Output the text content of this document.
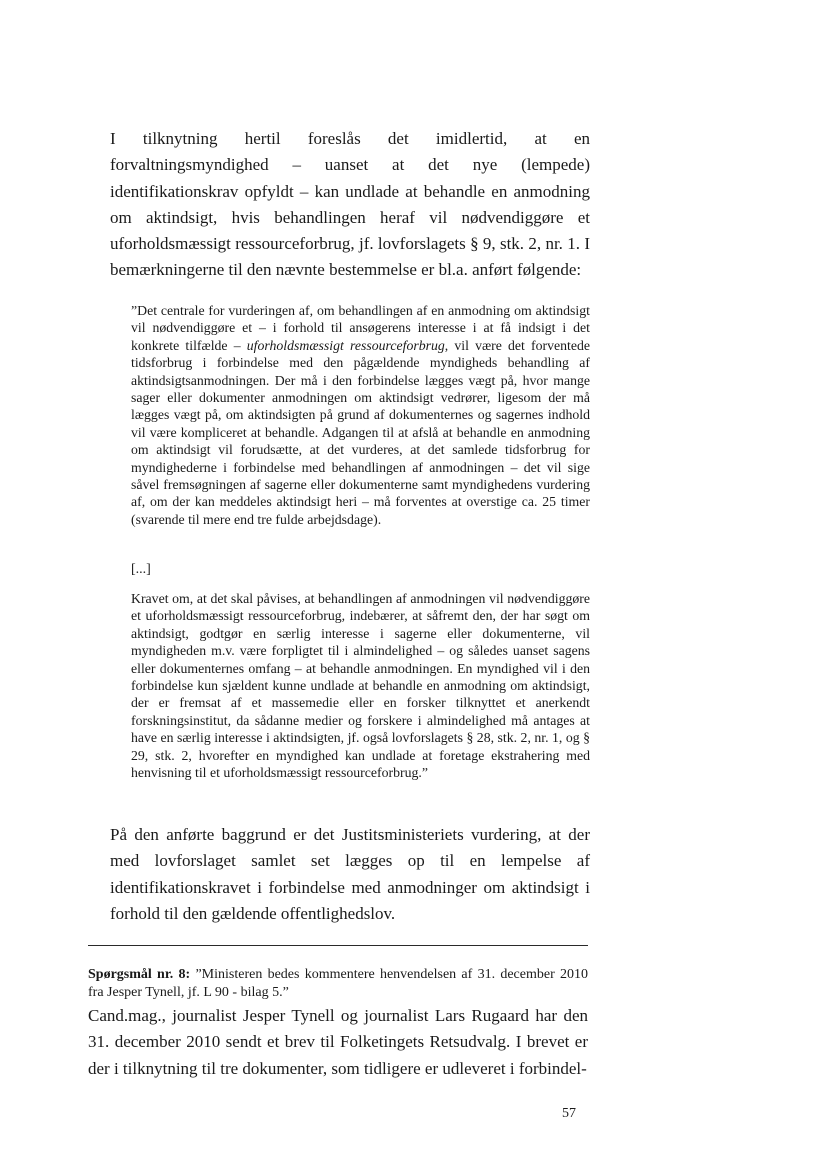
I tilknytning hertil foreslås det imidlertid, at en forvaltningsmyndighed – uanset at det nye (lempede) identifikationskrav opfyldt – kan undlade at behandle en anmodning om aktindsigt, hvis behandlingen heraf vil nødvendiggøre et uforholdsmæssigt ressourceforbrug, jf. lovforslagets § 9, stk. 2, nr. 1. I bemærkningerne til den nævnte bestemmelse er bl.a. anført følgende:

”Det centrale for vurderingen af, om behandlingen af en anmodning om aktindsigt vil nødvendiggøre et – i forhold til ansøgerens interesse i at få indsigt i det konkrete tilfælde – uforholdsmæssigt ressourceforbrug, vil være det forventede tidsforbrug i forbindelse med den pågældende myndigheds behandling af aktindsigtsanmodningen. Der må i den forbindelse lægges vægt på, hvor mange sager eller dokumenter anmodningen om aktindsigt vedrører, ligesom der må lægges vægt på, om aktindsigten på grund af dokumenternes og sagernes indhold vil være kompliceret at behandle. Adgangen til at afslå at behandle en anmodning om aktindsigt vil forudsætte, at det vurderes, at det samlede tidsforbrug for myndighederne i forbindelse med behandlingen af anmodningen – det vil sige såvel fremsøgningen af sagerne eller dokumenterne samt myndighedens vurdering af, om der kan meddeles aktindsigt heri – må forventes at overstige ca. 25 timer (svarende til mere end tre fulde arbejdsdage).

[...]

Kravet om, at det skal påvises, at behandlingen af anmodningen vil nødvendiggøre et uforholdsmæssigt ressourceforbrug, indebærer, at såfremt den, der har søgt om aktindsigt, godtgør en særlig interesse i sagerne eller dokumenterne, vil myndigheden m.v. være forpligtet til i almindelighed – og således uanset sagens eller dokumenternes omfang – at behandle anmodningen. En myndighed vil i den forbindelse kun sjældent kunne undlade at behandle en anmodning om aktindsigt, der er fremsat af et massemedie eller en forsker tilknyttet et anerkendt forskningsinstitut, da sådanne medier og forskere i almindelighed må antages at have en særlig interesse i aktindsigten, jf. også lovforslagets § 28, stk. 2, nr. 1, og § 29, stk. 2, hvorefter en myndighed kan undlade at foretage ekstrahering med henvisning til et uforholdsmæssigt ressourceforbrug.”

På den anførte baggrund er det Justitsministeriets vurdering, at der med lovforslaget samlet set lægges op til en lempelse af identifikationskravet i forbindelse med anmodninger om aktindsigt i forhold til den gældende offentlighedslov.

Spørgsmål nr. 8: ”Ministeren bedes kommentere henvendelsen af 31. december 2010 fra Jesper Tynell, jf. L 90 - bilag 5.”

Cand.mag., journalist Jesper Tynell og journalist Lars Rugaard har den 31. december 2010 sendt et brev til Folketingets Retsudvalg. I brevet er der i tilknytning til tre dokumenter, som tidligere er udleveret i forbindel-

57
